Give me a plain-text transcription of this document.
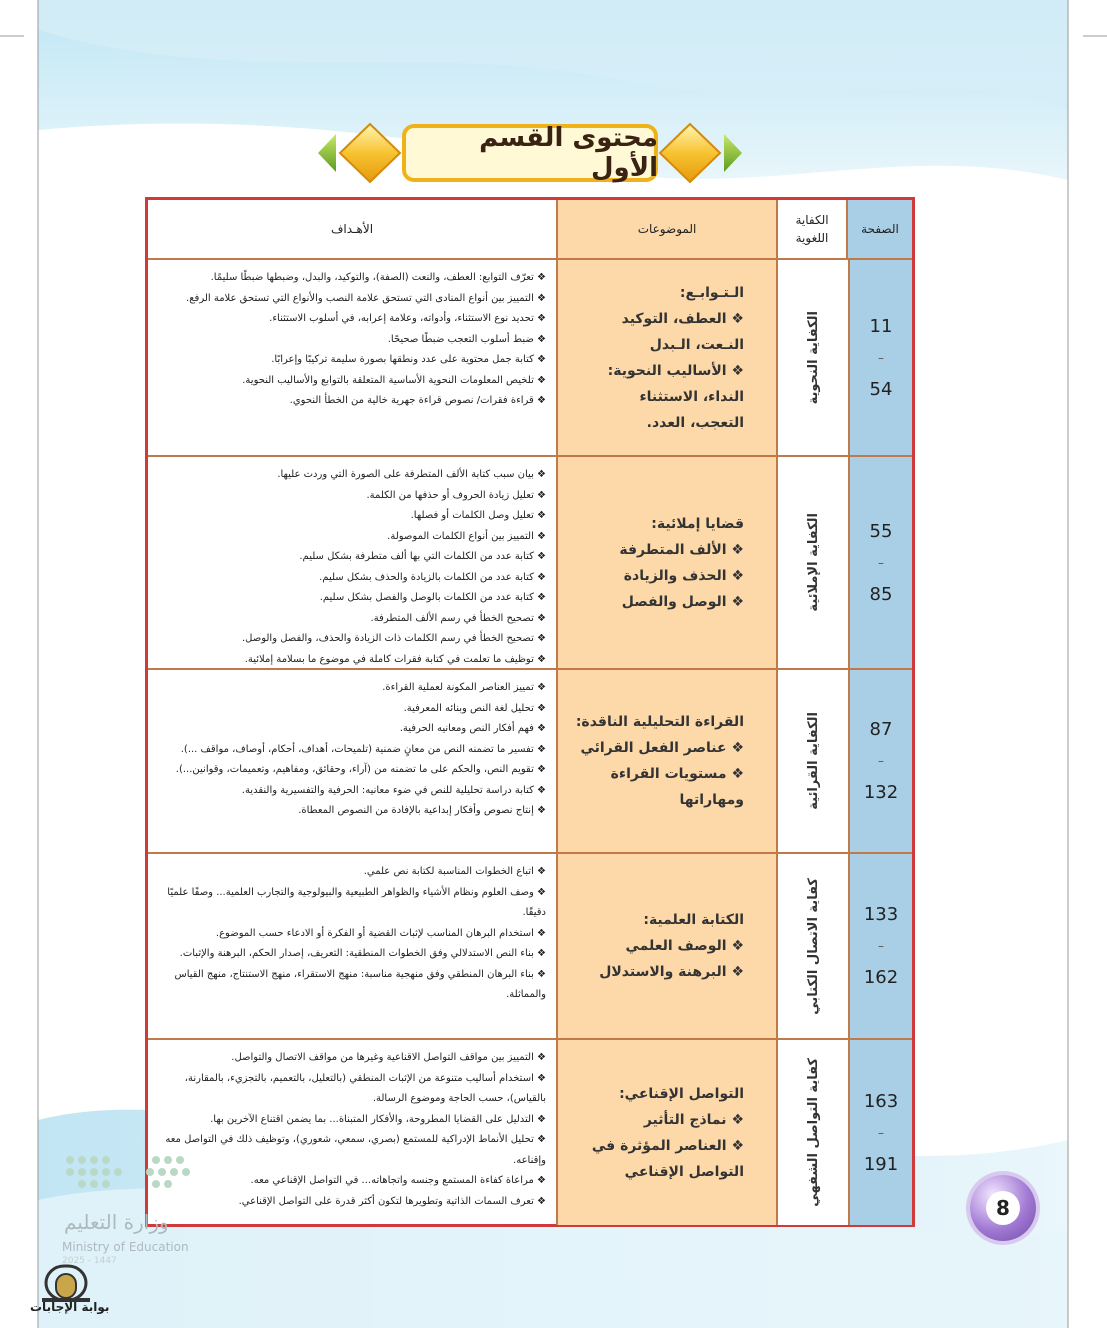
محتوى القسم الأول
الصفحة
الكفاية اللغوية
الموضوعات
الأهـداف
11
–
54
الكفاية النحوية
الـتـوابـع:
❖ العطف، التوكيد
النـعت، الـبدل
❖ الأساليب النحوية:
النداء، الاستثناء
التعجب، العدد.
❖ تعرّف التوابع: العطف، والنعت (الصفة)، والتوكيد، والبدل، وضبطها ضبطًا سليمًا.
❖ التمييز بين أنواع المنادى التي تستحق علامة النصب والأنواع التي تستحق علامة الرفع.
❖ تحديد نوع الاستثناء، وأدواته، وعلامة إعرابه، في أسلوب الاستثناء.
❖ ضبط أسلوب التعجب ضبطًا صحيحًا.
❖ كتابة جمل محتوية على عدد ونطقها بصورة سليمة تركيبًا وإعرابًا.
❖ تلخيص المعلومات النحوية الأساسية المتعلقة بالتوابع والأساليب النحوية.
❖ قراءة فقرات/ نصوص قراءة جهرية خالية من الخطأ النحوي.
55
–
85
الكفاية الإملائية
قضايا إملائية:
❖ الألف المتطرفة
❖ الحذف والزيادة
❖ الوصل والفصل
❖ بيان سبب كتابة الألف المتطرفة على الصورة التي وردت عليها.
❖ تعليل زيادة الحروف أو حذفها من الكلمة.
❖ تعليل وصل الكلمات أو فصلها.
❖ التمييز بين أنواع الكلمات الموصولة.
❖ كتابة عدد من الكلمات التي بها ألف متطرفة بشكل سليم.
❖ كتابة عدد من الكلمات بالزيادة والحذف بشكل سليم.
❖ كتابة عدد من الكلمات بالوصل والفصل بشكل سليم.
❖ تصحيح الخطأ في رسم الألف المتطرفة.
❖ تصحيح الخطأ في رسم الكلمات ذات الزيادة والحذف، والفصل والوصل.
❖ توظيف ما تعلمت في كتابة فقرات كاملة في موضوع ما بسلامة إملائية.
87
–
132
الكفاية القرائية
القراءة التحليلية الناقدة:
❖ عناصر الفعل القرائي
❖ مستويات القراءة
ومهاراتها
❖ تمييز العناصر المكونة لعملية القراءة.
❖ تحليل لغة النص وبنائه المعرفية.
❖ فهم أفكار النص ومعانيه الحرفية.
❖ تفسير ما تضمنه النص من معانٍ ضمنية (تلميحات، أهداف، أحكام، أوصاف، مواقف ...).
❖ تقويم النص، والحكم على ما تضمنه من (آراء، وحقائق، ومفاهيم، وتعميمات، وقوانين...).
❖ كتابة دراسة تحليلية للنص في ضوء معانيه: الحرفية والتفسيرية والنقدية.
❖ إنتاج نصوص وأفكار إبداعية بالإفادة من النصوص المعطاة.
133
–
162
كفاية الاتصال الكتابي
الكتابة العلمية:
❖ الوصف العلمي
❖ البرهنة والاستدلال
❖ اتباع الخطوات المناسبة لكتابة نص علمي.
❖ وصف العلوم ونظام الأشياء والظواهر الطبيعية والبيولوجية والتجارب العلمية... وصفًا علميًا دقيقًا.
❖ استخدام البرهان المناسب لإثبات القضية أو الفكرة أو الادعاء حسب الموضوع.
❖ بناء النص الاستدلالي وفق الخطوات المنطقية: التعريف، إصدار الحكم، البرهنة والإثبات.
❖ بناء البرهان المنطقي وفق منهجية مناسبة: منهج الاستقراء، منهج الاستنتاج، منهج القياس والمماثلة.
163
–
191
كفاية التواصل الشفهي
التواصل الإقناعي:
❖ نماذج التأثير
❖ العناصر المؤثرة في
التواصل الإقناعي
❖ التمييز بين مواقف التواصل الاقناعية وغيرها من مواقف الاتصال والتواصل.
❖ استخدام أساليب متنوعة من الإثبات المنطقي (بالتعليل، بالتعميم، بالتجزيء، بالمقارنة، بالقياس)، حسب الحاجة وموضوع الرسالة.
❖ التدليل على القضايا المطروحة، والأفكار المتبناة... بما يضمن اقتناع الآخرين بها.
❖ تحليل الأنماط الإدراكية للمستمع (بصري، سمعي، شعوري)، وتوظيف ذلك في التواصل معه وإقناعه.
❖ مراعاة كفاءة المستمع وجنسه واتجاهاته... في التواصل الإقناعي معه.
❖ تعرف السمات الذاتية وتطويرها لتكون أكثر قدرة على التواصل الإقناعي.	8
وزارة التعليم
Ministry of Education
2025 - 1447
بوابة الإجابات
